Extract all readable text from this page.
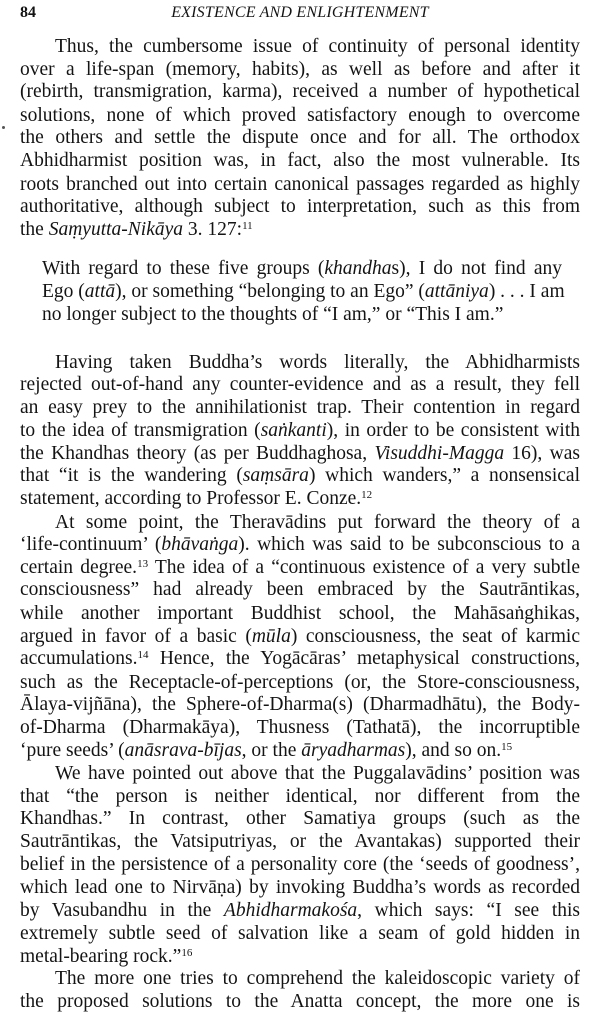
84	EXISTENCE AND ENLIGHTENMENT
Thus, the cumbersome issue of continuity of personal identity
over a life-span (memory, habits), as well as before and after it
(rebirth, transmigration, karma), received a number of hypothetical
solutions, none of which proved satisfactory enough to overcome
the others and settle the dispute once and for all. The orthodox
Abhidharmist position was, in fact, also the most vulnerable. Its
roots branched out into certain canonical passages regarded as highly
authoritative, although subject to interpretation, such as this from
the Saṃyutta-Nikāya 3. 127:$^{11}$
With regard to these five groups (khandhas), I do not find any
Ego (attā), or something “belonging to an Ego” (attāniya) . . . I am
no longer subject to the thoughts of “I am,” or “This I am.”
Having taken Buddha’s words literally, the Abhidharmists
rejected out-of-hand any counter-evidence and as a result, they fell
an easy prey to the annihilationist trap. Their contention in regard
to the idea of transmigration (saṅkanti), in order to be consistent with
the Khandhas theory (as per Buddhaghosa, Visuddhi-Magga 16), was
that “it is the wandering (saṃsāra) which wanders,” a nonsensical
statement, according to Professor E. Conze.$^{12}$
At some point, the Theravādins put forward the theory of a
‘life-continuum’ (bhāvaṅga). which was said to be subconscious to a
certain degree.$^{13}$ The idea of a “continuous existence of a very subtle
consciousness” had already been embraced by the Sautrāntikas,
while another important Buddhist school, the Mahāsaṅghikas,
argued in favor of a basic (mūla) consciousness, the seat of karmic
accumulations.$^{14}$ Hence, the Yogācāras’ metaphysical constructions,
such as the Receptacle-of-perceptions (or, the Store-consciousness,
Ālaya-vijñāna), the Sphere-of-Dharma(s) (Dharmadhātu), the Body-
of-Dharma (Dharmakāya), Thusness (Tathatā), the incorruptible
‘pure seeds’ (anāsrava-bījas, or the āryadharmas), and so on.$^{15}$
We have pointed out above that the Puggalavādins’ position was
that “the person is neither identical, nor different from the
Khandhas.” In contrast, other Samatiya groups (such as the
Sautrāntikas, the Vatsiputriyas, or the Avantakas) supported their
belief in the persistence of a personality core (the ‘seeds of goodness’,
which lead one to Nirvāṇa) by invoking Buddha’s words as recorded
by Vasubandhu in the Abhidharmakośa, which says: “I see this
extremely subtle seed of salvation like a seam of gold hidden in
metal-bearing rock.”$^{16}$
The more one tries to comprehend the kaleidoscopic variety of
the proposed solutions to the Anatta concept, the more one is
